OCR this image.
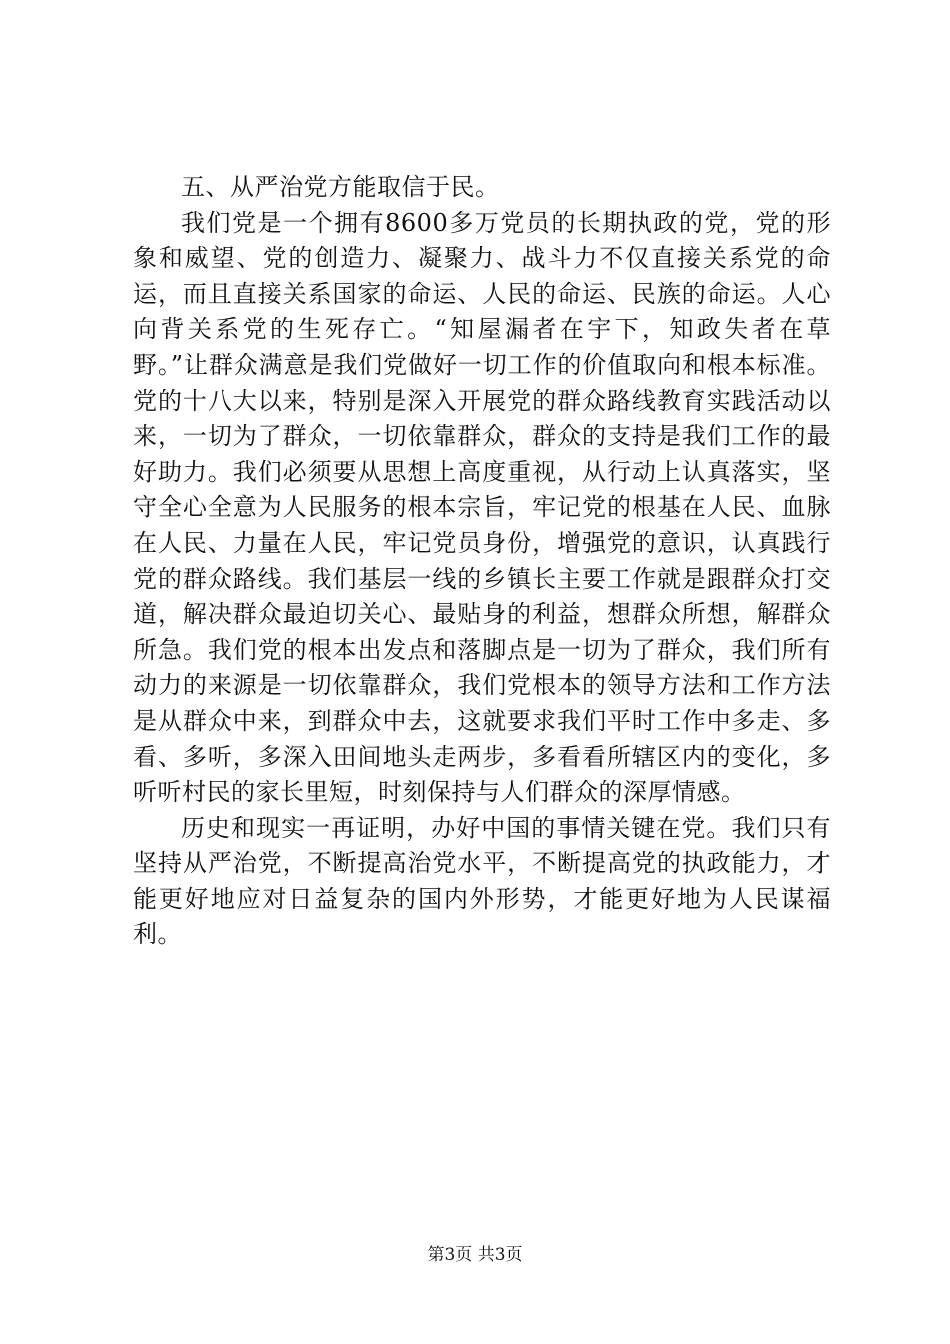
五、从严治党方能取信于民。

我们党是一个拥有8600多万党员的长期执政的党，党的形象和威望、党的创造力、凝聚力、战斗力不仅直接关系党的命运，而且直接关系国家的命运、人民的命运、民族的命运。人心向背关系党的生死存亡。“知屋漏者在宇下，知政失者在草野。”让群众满意是我们党做好一切工作的价值取向和根本标准。党的十八大以来，特别是深入开展党的群众路线教育实践活动以来，一切为了群众，一切依靠群众，群众的支持是我们工作的最好助力。我们必须要从思想上高度重视，从行动上认真落实，坚守全心全意为人民服务的根本宗旨，牢记党的根基在人民、血脉在人民、力量在人民，牢记党员身份，增强党的意识，认真践行党的群众路线。我们基层一线的乡镇长主要工作就是跟群众打交道，解决群众最迫切关心、最贴身的利益，想群众所想，解群众所急。我们党的根本出发点和落脚点是一切为了群众，我们所有动力的来源是一切依靠群众，我们党根本的领导方法和工作方法是从群众中来，到群众中去，这就要求我们平时工作中多走、多看、多听，多深入田间地头走两步，多看看所辖区内的变化，多听听村民的家长里短，时刻保持与人们群众的深厚情感。

历史和现实一再证明，办好中国的事情关键在党。我们只有坚持从严治党，不断提高治党水平，不断提高党的执政能力，才能更好地应对日益复杂的国内外形势，才能更好地为人民谋福利。

第3页 共3页
